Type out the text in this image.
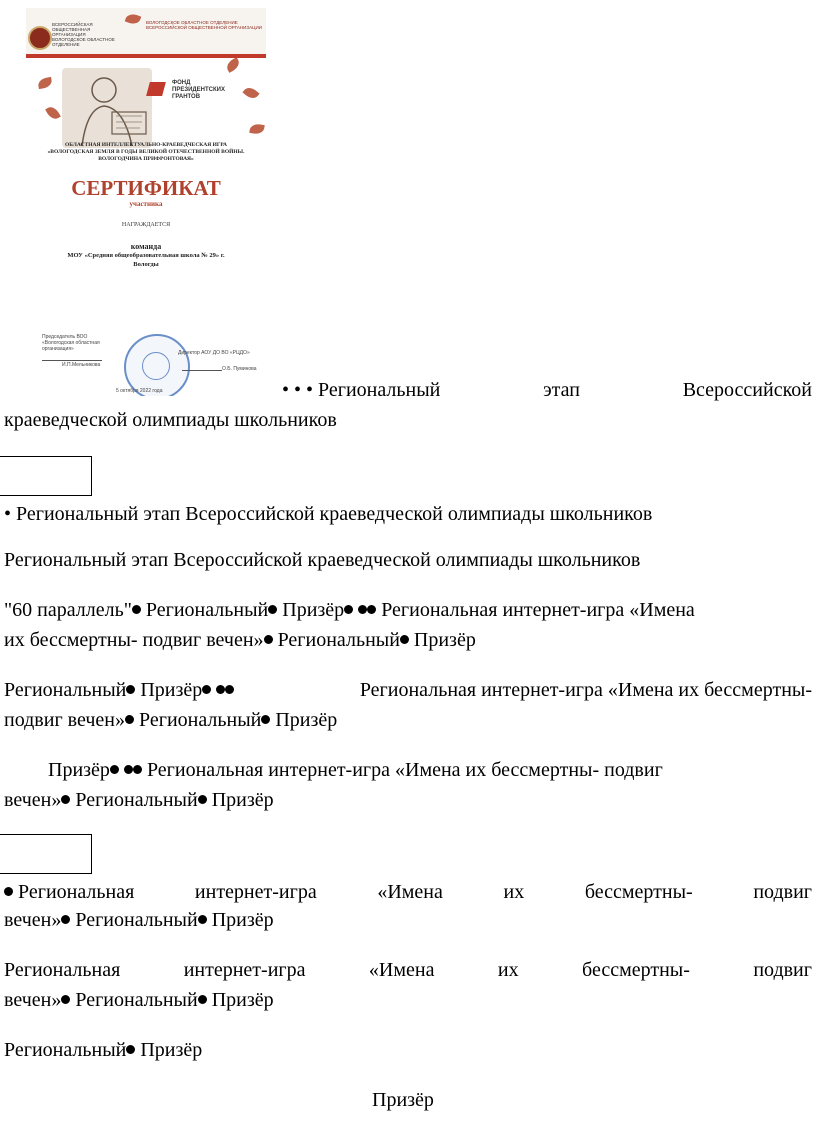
ВСЕРОССИЙСКАЯ ОБЩЕСТВЕННАЯ ОРГАНИЗАЦИЯ ВОЛОГОДСКОЕ ОБЛАСТНОЕ ОТДЕЛЕНИЕ
ВОЛОГОДСКОЕ ОБЛАСТНОЕ ОТДЕЛЕНИЕ ВСЕРОССИЙСКОЙ ОБЩЕСТВЕННОЙ ОРГАНИЗАЦИИ
ФОНД ПРЕЗИДЕНТСКИХ ГРАНТОВ
ОБЛАСТНАЯ ИНТЕЛЛЕКТУАЛЬНО-КРАЕВЕДЧЕСКАЯ ИГРА
«ВОЛОГОДСКАЯ ЗЕМЛЯ В ГОДЫ ВЕЛИКОЙ ОТЕЧЕСТВЕННОЙ ВОЙНЫ.
ВОЛОГОДЧИНА ПРИФРОНТОВАЯ»
СЕРТИФИКАТ
участника
НАГРАЖДАЕТСЯ
команда
МОУ «Средняя общеобразовательная школа № 29» г.
Вологды
Председатель ВОО «Вологодская областная организация»
И.П.Мельникова
Директор АОУ ДО ВО «РЦДО»
О.Б. Пуминова
5 октября 2022 года	• • • Региональный	этап	Всероссийской
краеведческой олимпиады школьников
• Региональный этап Всероссийской краеведческой олимпиады школьников
Региональный этап Всероссийской краеведческой олимпиады школьников
"60 параллель" Региональный Призёр Региональная интернет-игра «Имена
их бессмертны- подвиг вечен» Региональный Призёр
Региональный Призёр	Региональная интернет-игра «Имена их бессмертны-
подвиг вечен» Региональный Призёр
Призёр Региональная интернет-игра «Имена их бессмертны- подвиг
вечен» Региональный Призёр
Региональная	интернет-игра	«Имена	их	бессмертны-	подвиг
вечен» Региональный Призёр
Региональная	интернет-игра	«Имена	их	бессмертны-	подвиг
вечен» Региональный Призёр
Региональный Призёр
Призёр
